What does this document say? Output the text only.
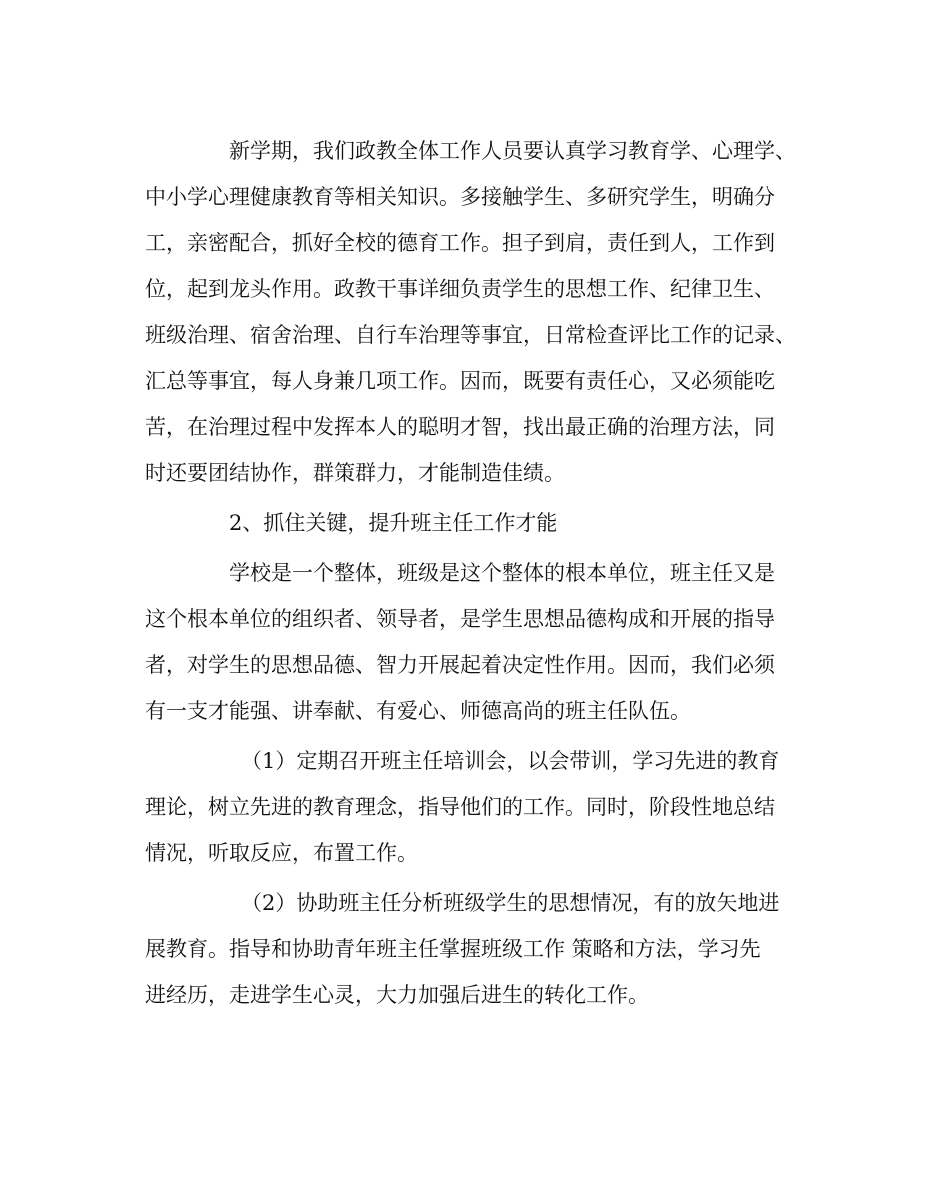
新学期，我们政教全体工作人员要认真学习教育学、心理学、
中小学心理健康教育等相关知识。多接触学生、多研究学生，明确分
工，亲密配合，抓好全校的德育工作。担子到肩，责任到人，工作到
位，起到龙头作用。政教干事详细负责学生的思想工作、纪律卫生、
班级治理、宿舍治理、自行车治理等事宜，日常检查评比工作的记录、
汇总等事宜，每人身兼几项工作。因而，既要有责任心，又必须能吃
苦，在治理过程中发挥本人的聪明才智，找出最正确的治理方法，同
时还要团结协作，群策群力，才能制造佳绩。
2、抓住关键，提升班主任工作才能
学校是一个整体，班级是这个整体的根本单位，班主任又是
这个根本单位的组织者、领导者，是学生思想品德构成和开展的指导
者，对学生的思想品德、智力开展起着决定性作用。因而，我们必须
有一支才能强、讲奉献、有爱心、师德高尚的班主任队伍。
（1）定期召开班主任培训会，以会带训，学习先进的教育
理论，树立先进的教育理念，指导他们的工作。同时，阶段性地总结
情况，听取反应，布置工作。
（2）协助班主任分析班级学生的思想情况，有的放矢地进
展教育。指导和协助青年班主任掌握班级工作 策略和方法，学习先
进经历，走进学生心灵，大力加强后进生的转化工作。
